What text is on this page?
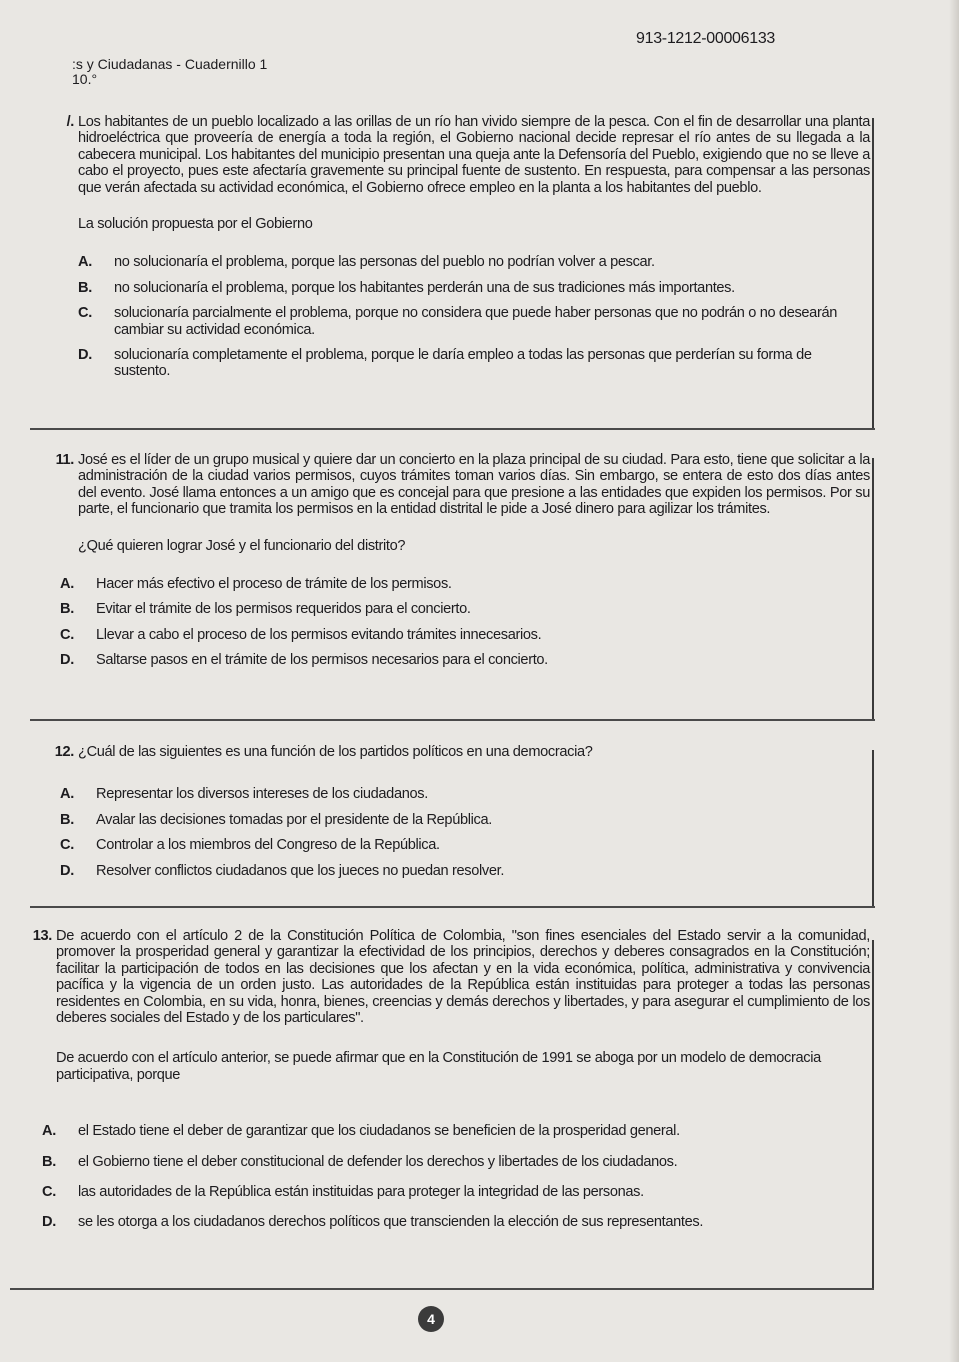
913-1212-00006133
:s y Ciudadanas - Cuadernillo 1
10.°
/. Los habitantes de un pueblo localizado a las orillas de un río han vivido siempre de la pesca. Con el fin de desarrollar una planta hidroeléctrica que proveería de energía a toda la región, el Gobierno nacional decide represar el río antes de su llegada a la cabecera municipal. Los habitantes del municipio presentan una queja ante la Defensoría del Pueblo, exigiendo que no se lleve a cabo el proyecto, pues este afectaría gravemente su principal fuente de sustento. En respuesta, para compensar a las personas que verán afectada su actividad económica, el Gobierno ofrece empleo en la planta a los habitantes del pueblo.
La solución propuesta por el Gobierno
A.	no solucionaría el problema, porque las personas del pueblo no podrían volver a pescar.
B.	no solucionaría el problema, porque los habitantes perderán una de sus tradiciones más importantes.
C.	solucionaría parcialmente el problema, porque no considera que puede haber personas que no podrán o no desearán cambiar su actividad económica.
D.	solucionaría completamente el problema, porque le daría empleo a todas las personas que perderían su forma de sustento.
11. José es el líder de un grupo musical y quiere dar un concierto en la plaza principal de su ciudad. Para esto, tiene que solicitar a la administración de la ciudad varios permisos, cuyos trámites toman varios días. Sin embargo, se entera de esto dos días antes del evento. José llama entonces a un amigo que es concejal para que presione a las entidades que expiden los permisos. Por su parte, el funcionario que tramita los permisos en la entidad distrital le pide a José dinero para agilizar los trámites.
¿Qué quieren lograr José y el funcionario del distrito?
A.	Hacer más efectivo el proceso de trámite de los permisos.
B.	Evitar el trámite de los permisos requeridos para el concierto.
C.	Llevar a cabo el proceso de los permisos evitando trámites innecesarios.
D.	Saltarse pasos en el trámite de los permisos necesarios para el concierto.
12. ¿Cuál de las siguientes es una función de los partidos políticos en una democracia?
A.	Representar los diversos intereses de los ciudadanos.
B.	Avalar las decisiones tomadas por el presidente de la República.
C.	Controlar a los miembros del Congreso de la República.
D.	Resolver conflictos ciudadanos que los jueces no puedan resolver.
13. De acuerdo con el artículo 2 de la Constitución Política de Colombia, "son fines esenciales del Estado servir a la comunidad, promover la prosperidad general y garantizar la efectividad de los principios, derechos y deberes consagrados en la Constitución; facilitar la participación de todos en las decisiones que los afectan y en la vida económica, política, administrativa y convivencia pacífica y la vigencia de un orden justo. Las autoridades de la República están instituidas para proteger a todas las personas residentes en Colombia, en su vida, honra, bienes, creencias y demás derechos y libertades, y para asegurar el cumplimiento de los deberes sociales del Estado y de los particulares".
De acuerdo con el artículo anterior, se puede afirmar que en la Constitución de 1991 se aboga por un modelo de democracia participativa, porque
A.	el Estado tiene el deber de garantizar que los ciudadanos se beneficien de la prosperidad general.
B.	el Gobierno tiene el deber constitucional de defender los derechos y libertades de los ciudadanos.
C.	las autoridades de la República están instituidas para proteger la integridad de las personas.
D.	se les otorga a los ciudadanos derechos políticos que transcienden la elección de sus representantes.
4
